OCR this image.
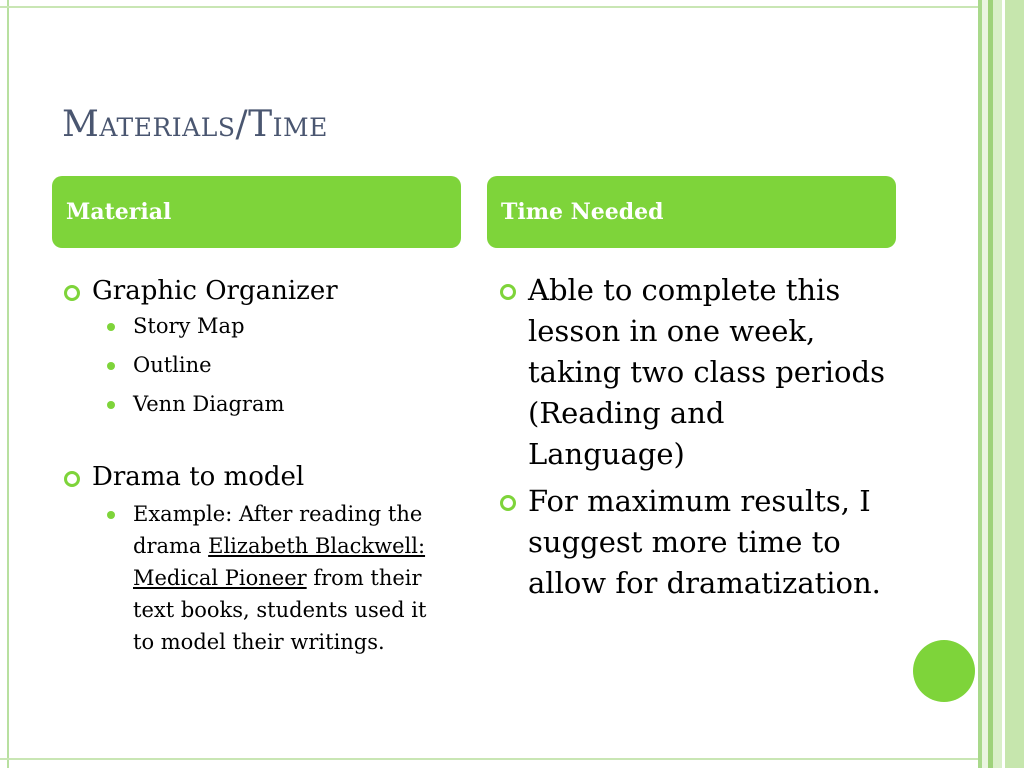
Materials/Time
Material	Time Needed
Graphic Organizer
Story Map
Outline
Venn Diagram
Drama to model
Example: After reading the drama Elizabeth Blackwell: Medical Pioneer from their text books, students used it to model their writings.
Able to complete this lesson in one week, taking two class periods (Reading and Language)
For maximum results, I suggest more time to allow for dramatization.
